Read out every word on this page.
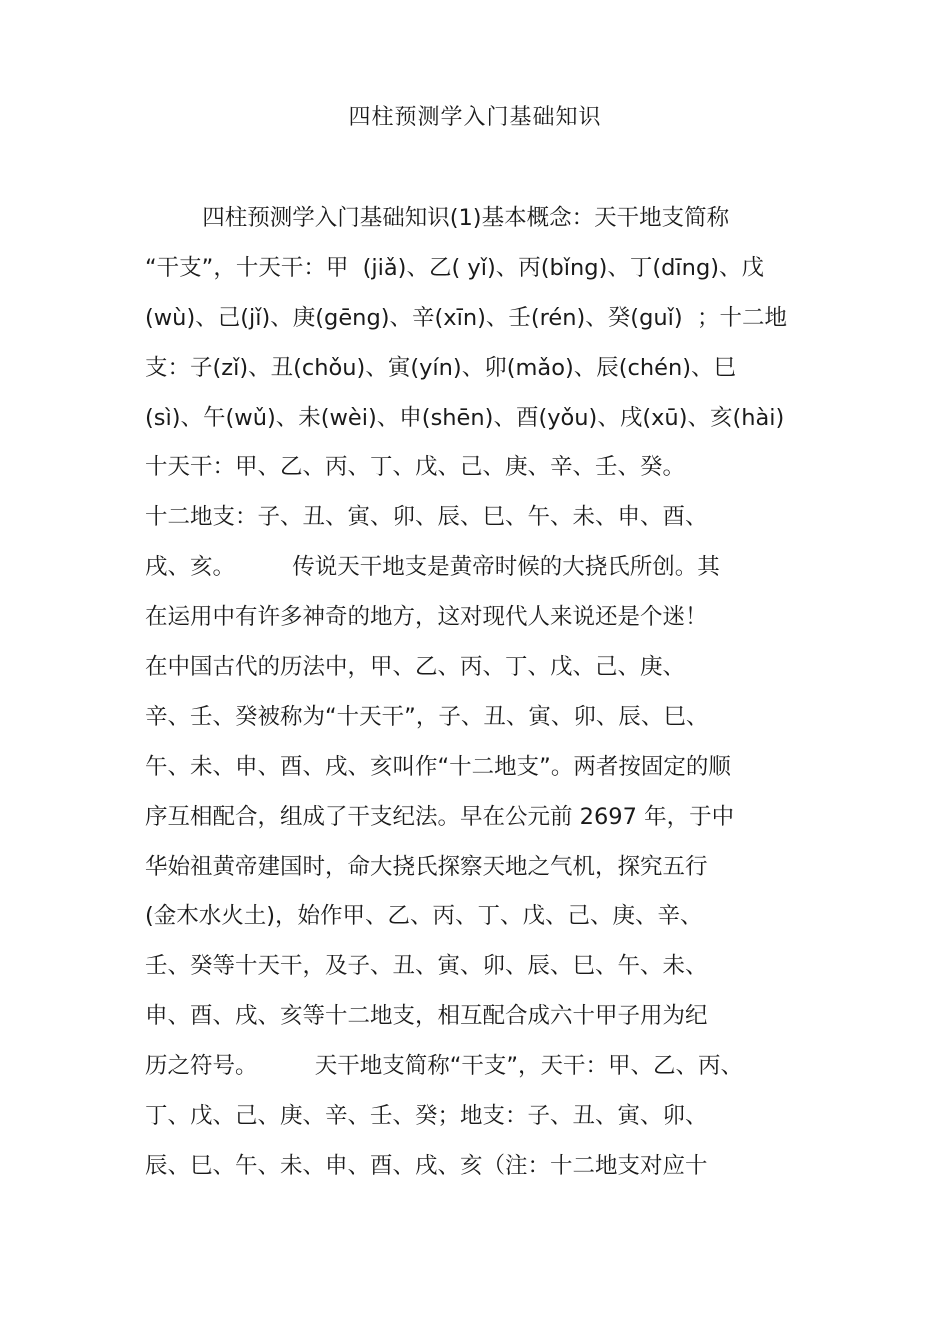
四柱预测学入门基础知识
四柱预测学入门基础知识(1)基本概念：天干地支简称
“干支”，十天干：甲  (jiǎ)、乙( yǐ)、丙(bǐng)、丁(dīng)、戊
(wù)、己(jǐ)、庚(gēng)、辛(xīn)、壬(rén)、癸(guǐ)  ；十二地
支：子(zǐ)、丑(chǒu)、寅(yín)、卯(mǎo)、辰(chén)、巳
(sì)、午(wǔ)、未(wèi)、申(shēn)、酉(yǒu)、戌(xū)、亥(hài)
十天干：甲、乙、丙、丁、戊、己、庚、辛、壬、癸。
十二地支：子、丑、寅、卯、辰、巳、午、未、申、酉、
戌、亥。        传说天干地支是黄帝时候的大挠氏所创。其
在运用中有许多神奇的地方，这对现代人来说还是个迷！
在中国古代的历法中，甲、乙、丙、丁、戊、己、庚、
辛、壬、癸被称为“十天干”，子、丑、寅、卯、辰、巳、
午、未、申、酉、戌、亥叫作“十二地支”。两者按固定的顺
序互相配合，组成了干支纪法。早在公元前 2697 年，于中
华始祖黄帝建国时，命大挠氏探察天地之气机，探究五行
(金木水火土)，始作甲、乙、丙、丁、戊、己、庚、辛、
壬、癸等十天干，及子、丑、寅、卯、辰、巳、午、未、
申、酉、戌、亥等十二地支，相互配合成六十甲子用为纪
历之符号。        天干地支简称“干支”，天干：甲、乙、丙、
丁、戊、己、庚、辛、壬、癸；地支：子、丑、寅、卯、
辰、巳、午、未、申、酉、戌、亥（注：十二地支对应十
